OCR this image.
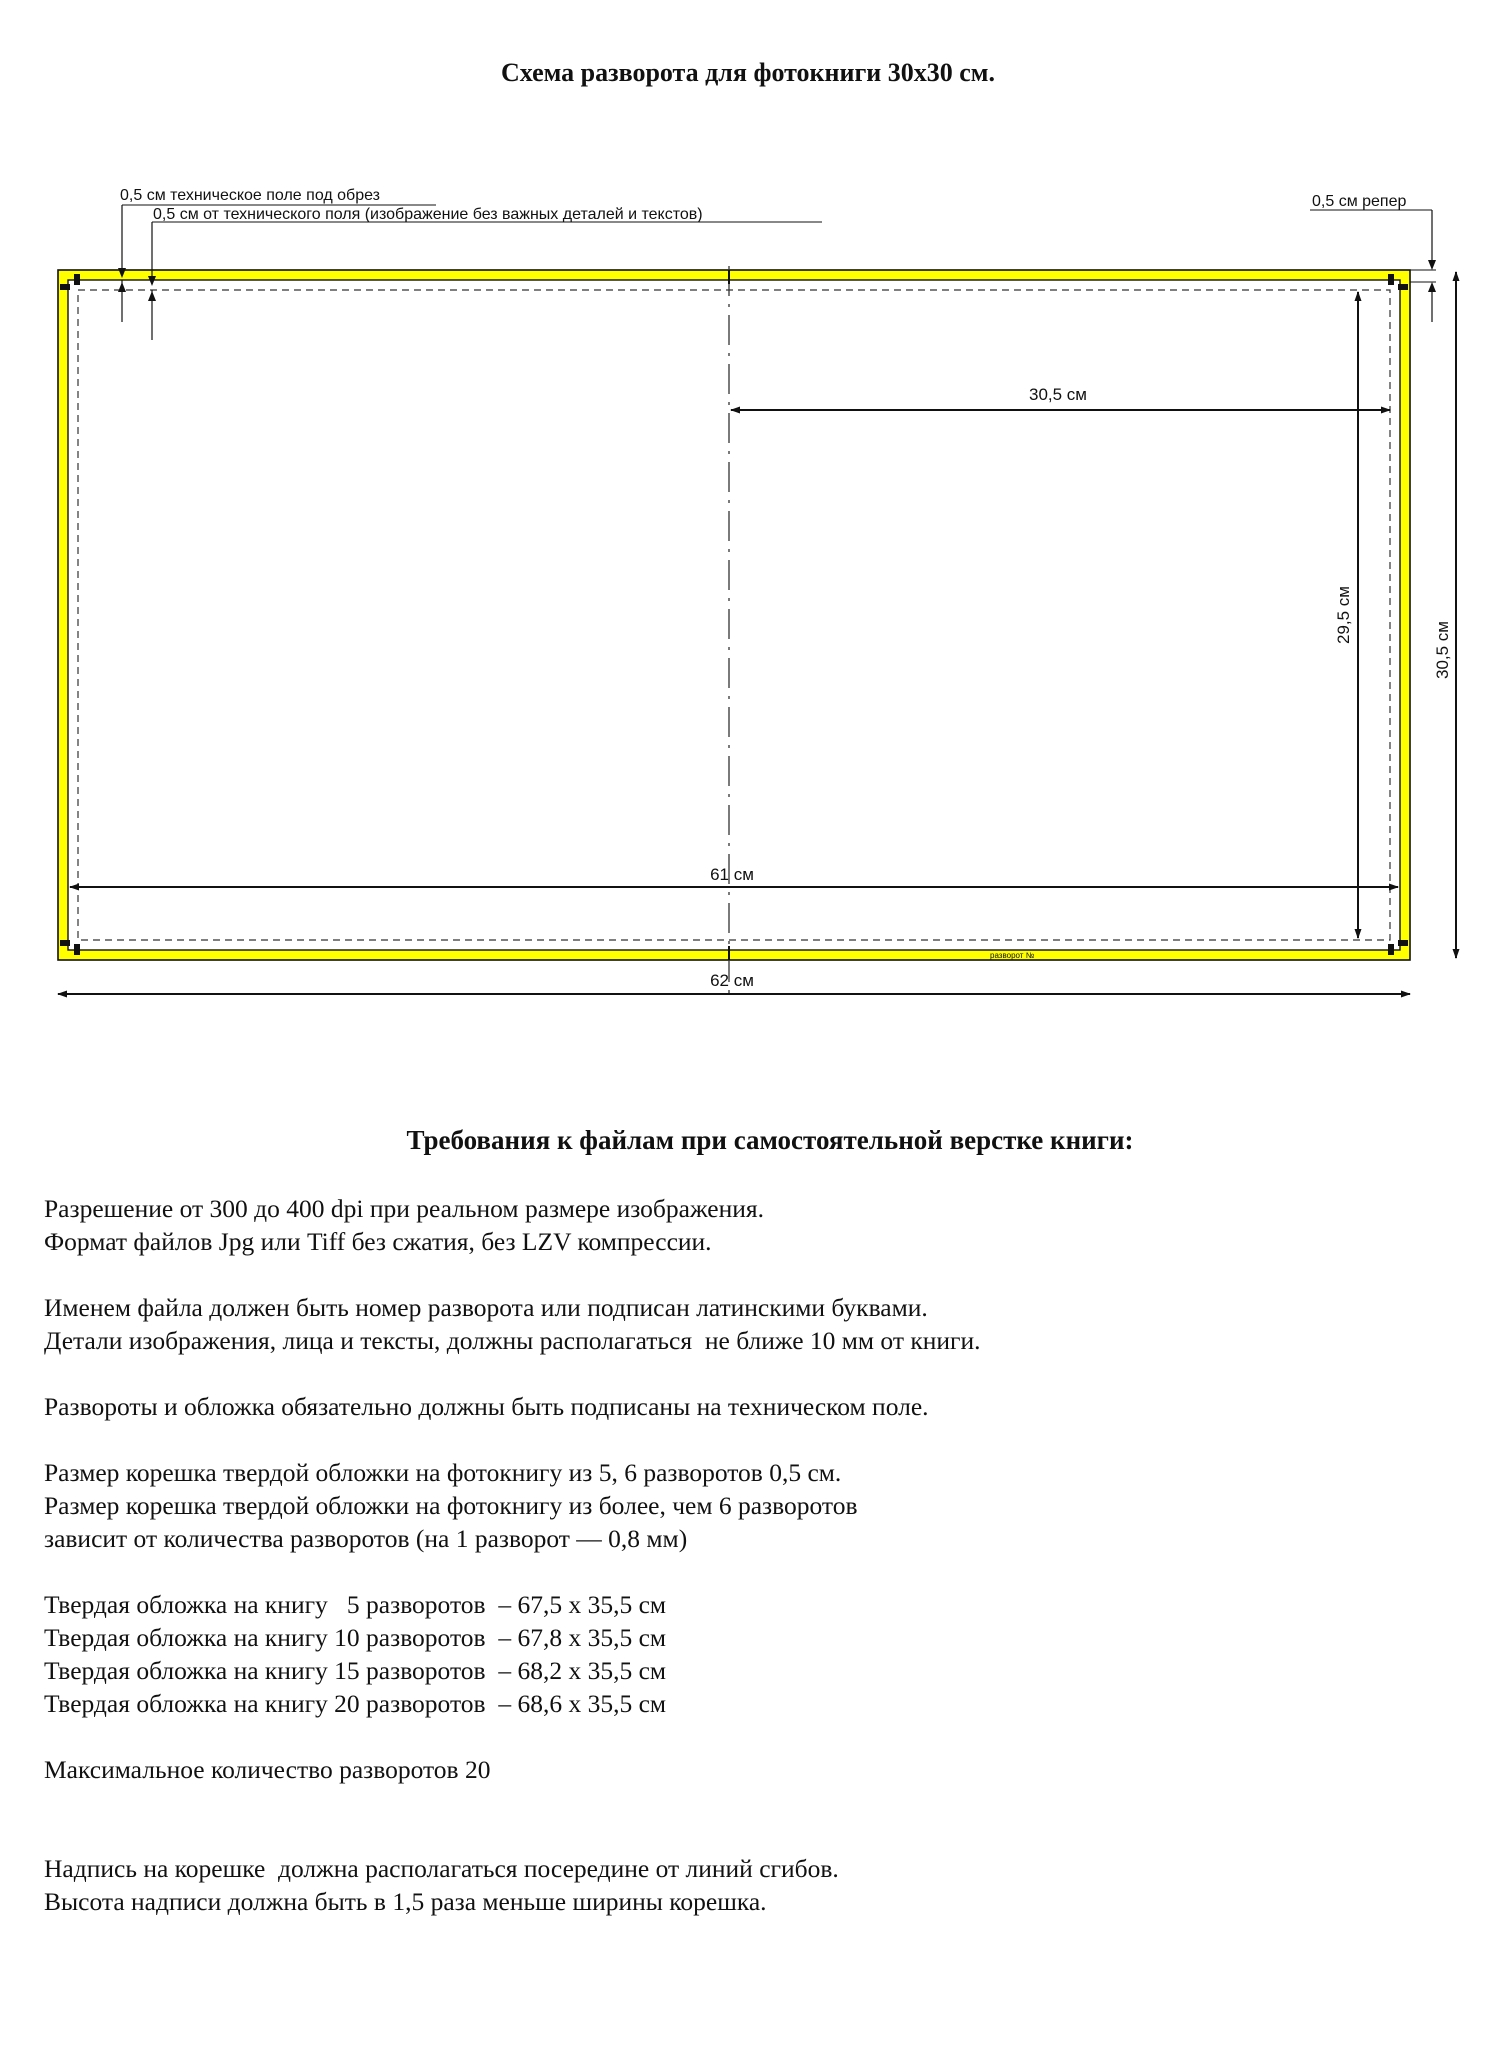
Схема разворота для фотокниги 30х30 см.
0,5 см техническое поле под обрез
0,5 см от технического поля (изображение без важных деталей и текстов)
0,5 см репер
30,5 см
29,5 см
30,5 см
61 см
62 см
разворот №
Требования к файлам при самостоятельной верстке книги:

Разрешение от 300 до 400 dpi при реальном размере изображения.

Формат файлов Jpg или Tiff без сжатия, без LZV компрессии.

Именем файла должен быть номер разворота или подписан латинскими буквами.

Детали изображения, лица и тексты, должны располагаться  не ближе 10 мм от книги.

Развороты и обложка обязательно должны быть подписаны на техническом поле.

Размер корешка твердой обложки на фотокнигу из 5, 6 разворотов 0,5 см.

Размер корешка твердой обложки на фотокнигу из более, чем 6 разворотов

зависит от количества разворотов (на 1 разворот — 0,8 мм)

Твердая обложка на книгу   5 разворотов  – 67,5 х 35,5 см

Твердая обложка на книгу 10 разворотов  – 67,8 х 35,5 см

Твердая обложка на книгу 15 разворотов  – 68,2 х 35,5 см

Твердая обложка на книгу 20 разворотов  – 68,6 х 35,5 см

Максимальное количество разворотов 20

Надпись на корешке  должна располагаться посередине от линий сгибов.

Высота надписи должна быть в 1,5 раза меньше ширины корешка.
